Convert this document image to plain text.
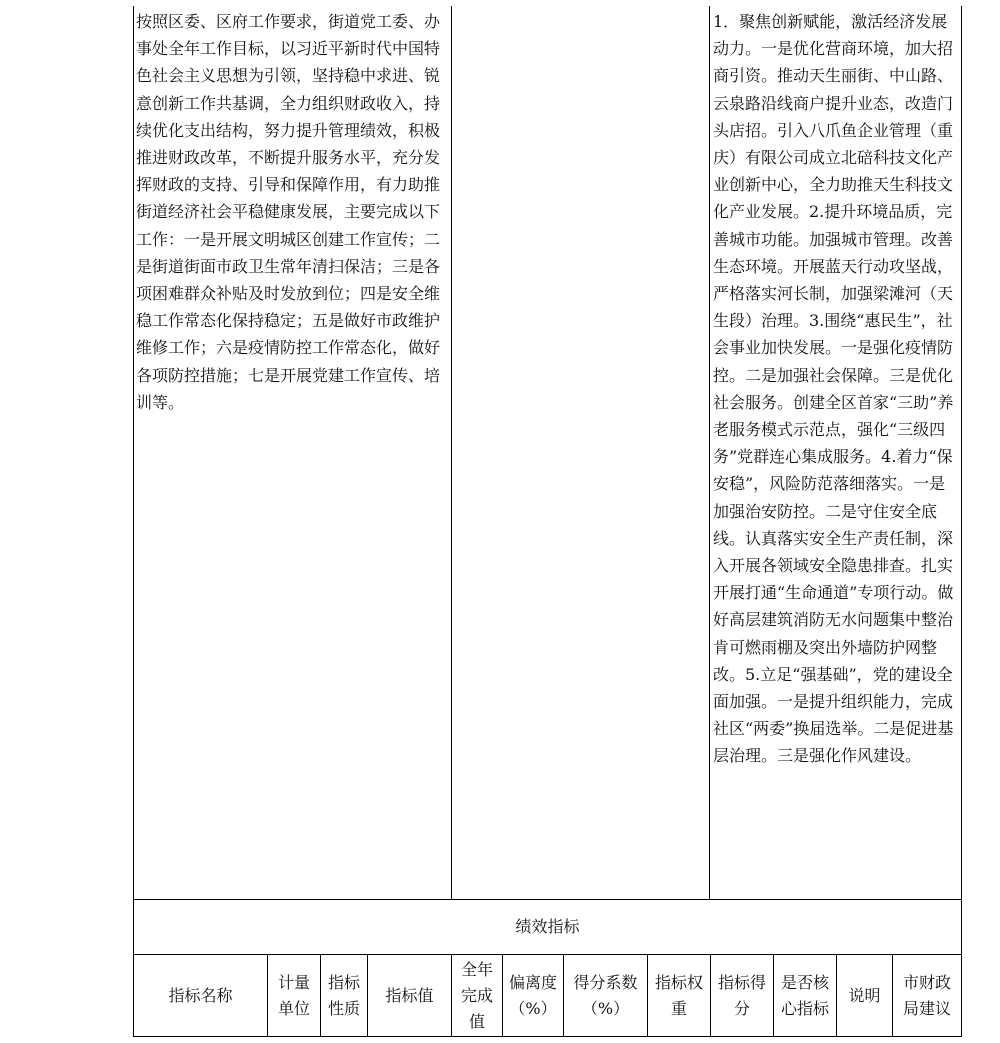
按照区委、区府工作要求，街道党工委、办事处全年工作目标，以习近平新时代中国特色社会主义思想为引领，坚持稳中求进、锐意创新工作共基调，全力组织财政收入，持续优化支出结构，努力提升管理绩效，积极推进财政改革，不断提升服务水平，充分发挥财政的支持、引导和保障作用，有力助推街道经济社会平稳健康发展，主要完成以下工作：一是开展文明城区创建工作宣传；二是街道街面市政卫生常年清扫保洁；三是各项困难群众补贴及时发放到位；四是安全维稳工作常态化保持稳定；五是做好市政维护维修工作；六是疫情防控工作常态化，做好各项防控措施；七是开展党建工作宣传、培训等。

1．聚焦创新赋能，激活经济发展动力。一是优化营商环境，加大招商引资。推动天生丽街、中山路、云泉路沿线商户提升业态，改造门头店招。引入八爪鱼企业管理（重庆）有限公司成立北碚科技文化产业创新中心，全力助推天生科技文化产业发展。2.提升环境品质，完善城市功能。加强城市管理。改善生态环境。开展蓝天行动攻坚战，严格落实河长制，加强梁滩河（天生段）治理。3.围绕“惠民生”，社会事业加快发展。一是强化疫情防控。二是加强社会保障。三是优化社会服务。创建全区首家“三助”养老服务模式示范点，强化“三级四务”党群连心集成服务。4.着力“保安稳”，风险防范落细落实。一是加强治安防控。二是守住安全底线。认真落实安全生产责任制，深入开展各领域安全隐患排查。扎实开展打通“生命通道”专项行动。做好高层建筑消防无水问题集中整治肯可燃雨棚及突出外墙防护网整改。5.立足“强基础”，党的建设全面加强。一是提升组织能力，完成社区“两委”换届选举。二是促进基层治理。三是强化作风建设。

绩效指标
指标名称
计量
单位
指标
性质
指标值
全年
完成
值
偏离度
（%）
得分系数
（%）
指标权
重
指标得
分
是否核
心指标
说明
市财政
局建议
